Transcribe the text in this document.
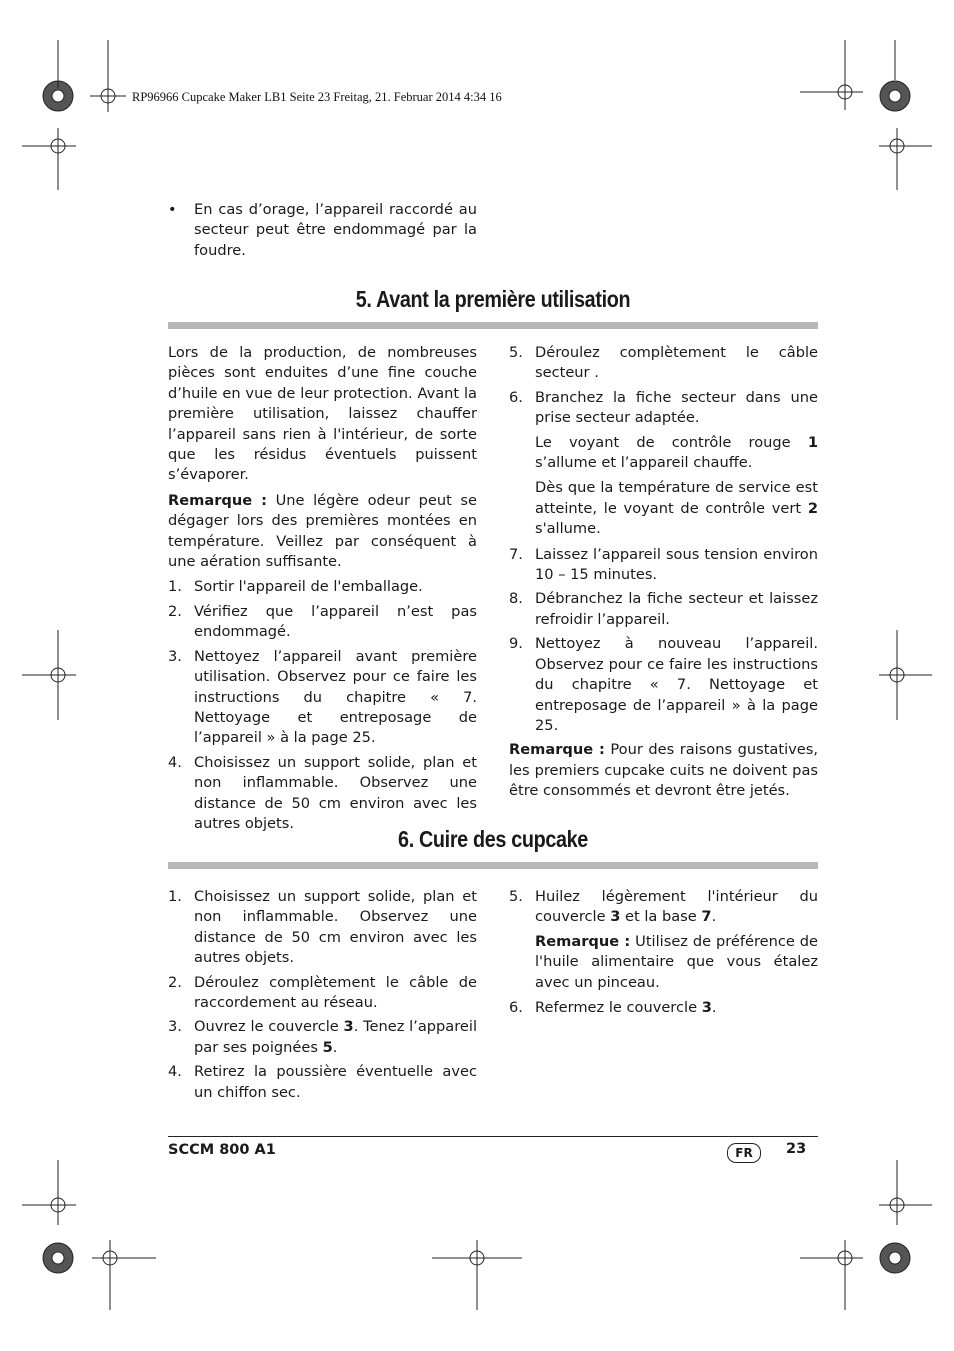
RP96966 Cupcake Maker LB1 Seite 23 Freitag, 21. Februar 2014 4:34 16
• En cas d’orage, l’appareil raccordé au secteur peut être endommagé par la foudre.
5. Avant la première utilisation

Lors de la production, de nombreuses pièces sont enduites d’une fine couche d’huile en vue de leur protection. Avant la première utilisation, laissez chauffer l’appareil sans rien à l'intérieur, de sorte que les résidus éventuels puissent s’évaporer.

Remarque : Une légère odeur peut se dégager lors des premières montées en température. Veillez par conséquent à une aération suffisante.

1. Sortir l'appareil de l'emballage.
2. Vérifiez que l’appareil n’est pas endommagé.
3. Nettoyez l’appareil avant première utilisation. Observez pour ce faire les instructions du chapitre « 7. Nettoyage et entreposage de l’appareil » à la page 25.
4. Choisissez un support solide, plan et non inflammable. Observez une distance de 50 cm environ avec les autres objets.
5. Déroulez complètement le câble secteur .
6. Branchez la fiche secteur dans une prise secteur adaptée.

Le voyant de contrôle rouge 1 s’allume et l’appareil chauffe.

Dès que la température de service est atteinte, le voyant de contrôle vert 2 s'allume.

7. Laissez l’appareil sous tension environ 10 – 15 minutes.
8. Débranchez la fiche secteur et laissez refroidir l’appareil.
9. Nettoyez à nouveau l’appareil. Observez pour ce faire les instructions du chapitre « 7. Nettoyage et entreposage de l’appareil » à la page 25.

Remarque : Pour des raisons gustatives, les premiers cupcake cuits ne doivent pas être consommés et devront être jetés.

6. Cuire des cupcake
1. Choisissez un support solide, plan et non inflammable. Observez une distance de 50 cm environ avec les autres objets.
2. Déroulez complètement le câble de raccordement au réseau.
3. Ouvrez le couvercle 3. Tenez l’appareil par ses poignées 5.
4. Retirez la poussière éventuelle avec un chiffon sec.
5. Huilez légèrement l'intérieur du couvercle 3 et la base 7.

Remarque : Utilisez de préférence de l'huile alimentaire que vous étalez avec un pinceau.

6. Refermez le couvercle 3.
SCCM 800 A1	FR	23
